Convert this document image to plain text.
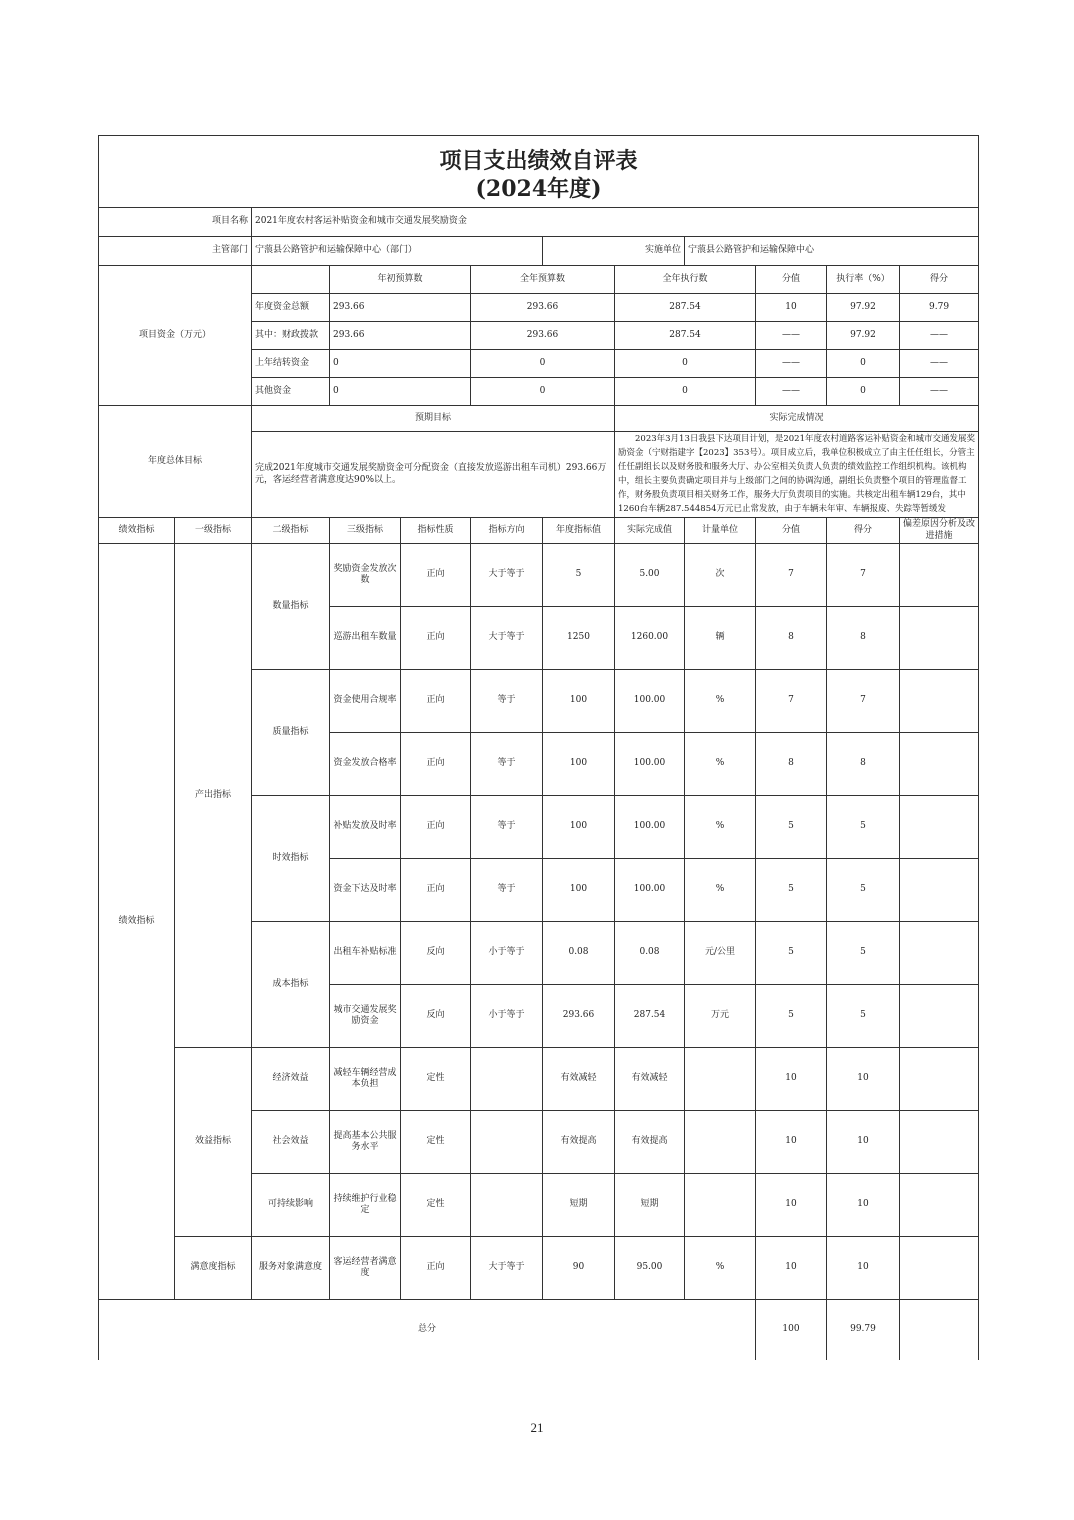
项目支出绩效自评表
(2024年度)											

项目名称		2021年度农村客运补贴资金和城市交通发展奖励资金									
主管部门		宁蒗县公路管护和运输保障中心（部门）				实施单位		宁蒗县公路管护和运输保障中心			
项目资金（万元）			年初预算数		全年预算数		全年执行数		分值	执行率（%）	得分
		年度资金总额	293.66		293.66		287.54		10	97.92	9.79
		其中：财政拨款	293.66		293.66		287.54		——	97.92	——
		上年结转资金	0		0		0		——	0	——
		其他资金	0		0		0		——	0	——
年度总体目标		预期目标					实际完成情况				
		完成2021年度城市交通发展奖励资金可分配资金（直接发放巡游出租车司机）293.66万元，客运经营者满意度达90%以上。					2023年3月13日我县下达项目计划，是2021年度农村道路客运补贴资金和城市交通发展奖励资金（宁财指建字【2023】353号）。项目成立后，我单位积极成立了由主任任组长，分管主任任副组长以及财务股和服务大厅、办公室相关负责人负责的绩效监控工作组织机构。该机构中，组长主要负责确定项目并与上级部门之间的协调沟通，副组长负责整个项目的管理监督工作，财务股负责项目相关财务工作，服务大厅负责项目的实施。共核定出租车辆129台，其中1260台车辆287.544854万元已止常发放，由于车辆未年审、车辆报废、失踪等暂缓发				

绩效指标	一级指标	二级指标	三级指标	指标性质	指标方向	年度指标值	实际完成值	计量单位	分值	得分	偏差原因分析及改进措施
绩效指标	产出指标	数量指标	奖励资金发放次数	正向	大于等于	5	5.00	次	7	7	
			巡游出租车数量	正向	大于等于	1250	1260.00	辆	8	8	
		质量指标	资金使用合规率	正向	等于	100	100.00	%	7	7	
			资金发放合格率	正向	等于	100	100.00	%	8	8	
		时效指标	补贴发放及时率	正向	等于	100	100.00	%	5	5	
			资金下达及时率	正向	等于	100	100.00	%	5	5	
		成本指标	出租车补贴标准	反向	小于等于	0.08	0.08	元/公里	5	5	
			城市交通发展奖励资金	反向	小于等于	293.66	287.54	万元	5	5	
	效益指标	经济效益	减轻车辆经营成本负担	定性		有效减轻	有效减轻		10	10	
		社会效益	提高基本公共服务水平	定性		有效提高	有效提高		10	10	
		可持续影响	持续维护行业稳定	定性		短期	短期		10	10	
	满意度指标	服务对象满意度	客运经营者满意度	正向	大于等于	90	95.00	%	10	10	
总分									100	99.79	
21
